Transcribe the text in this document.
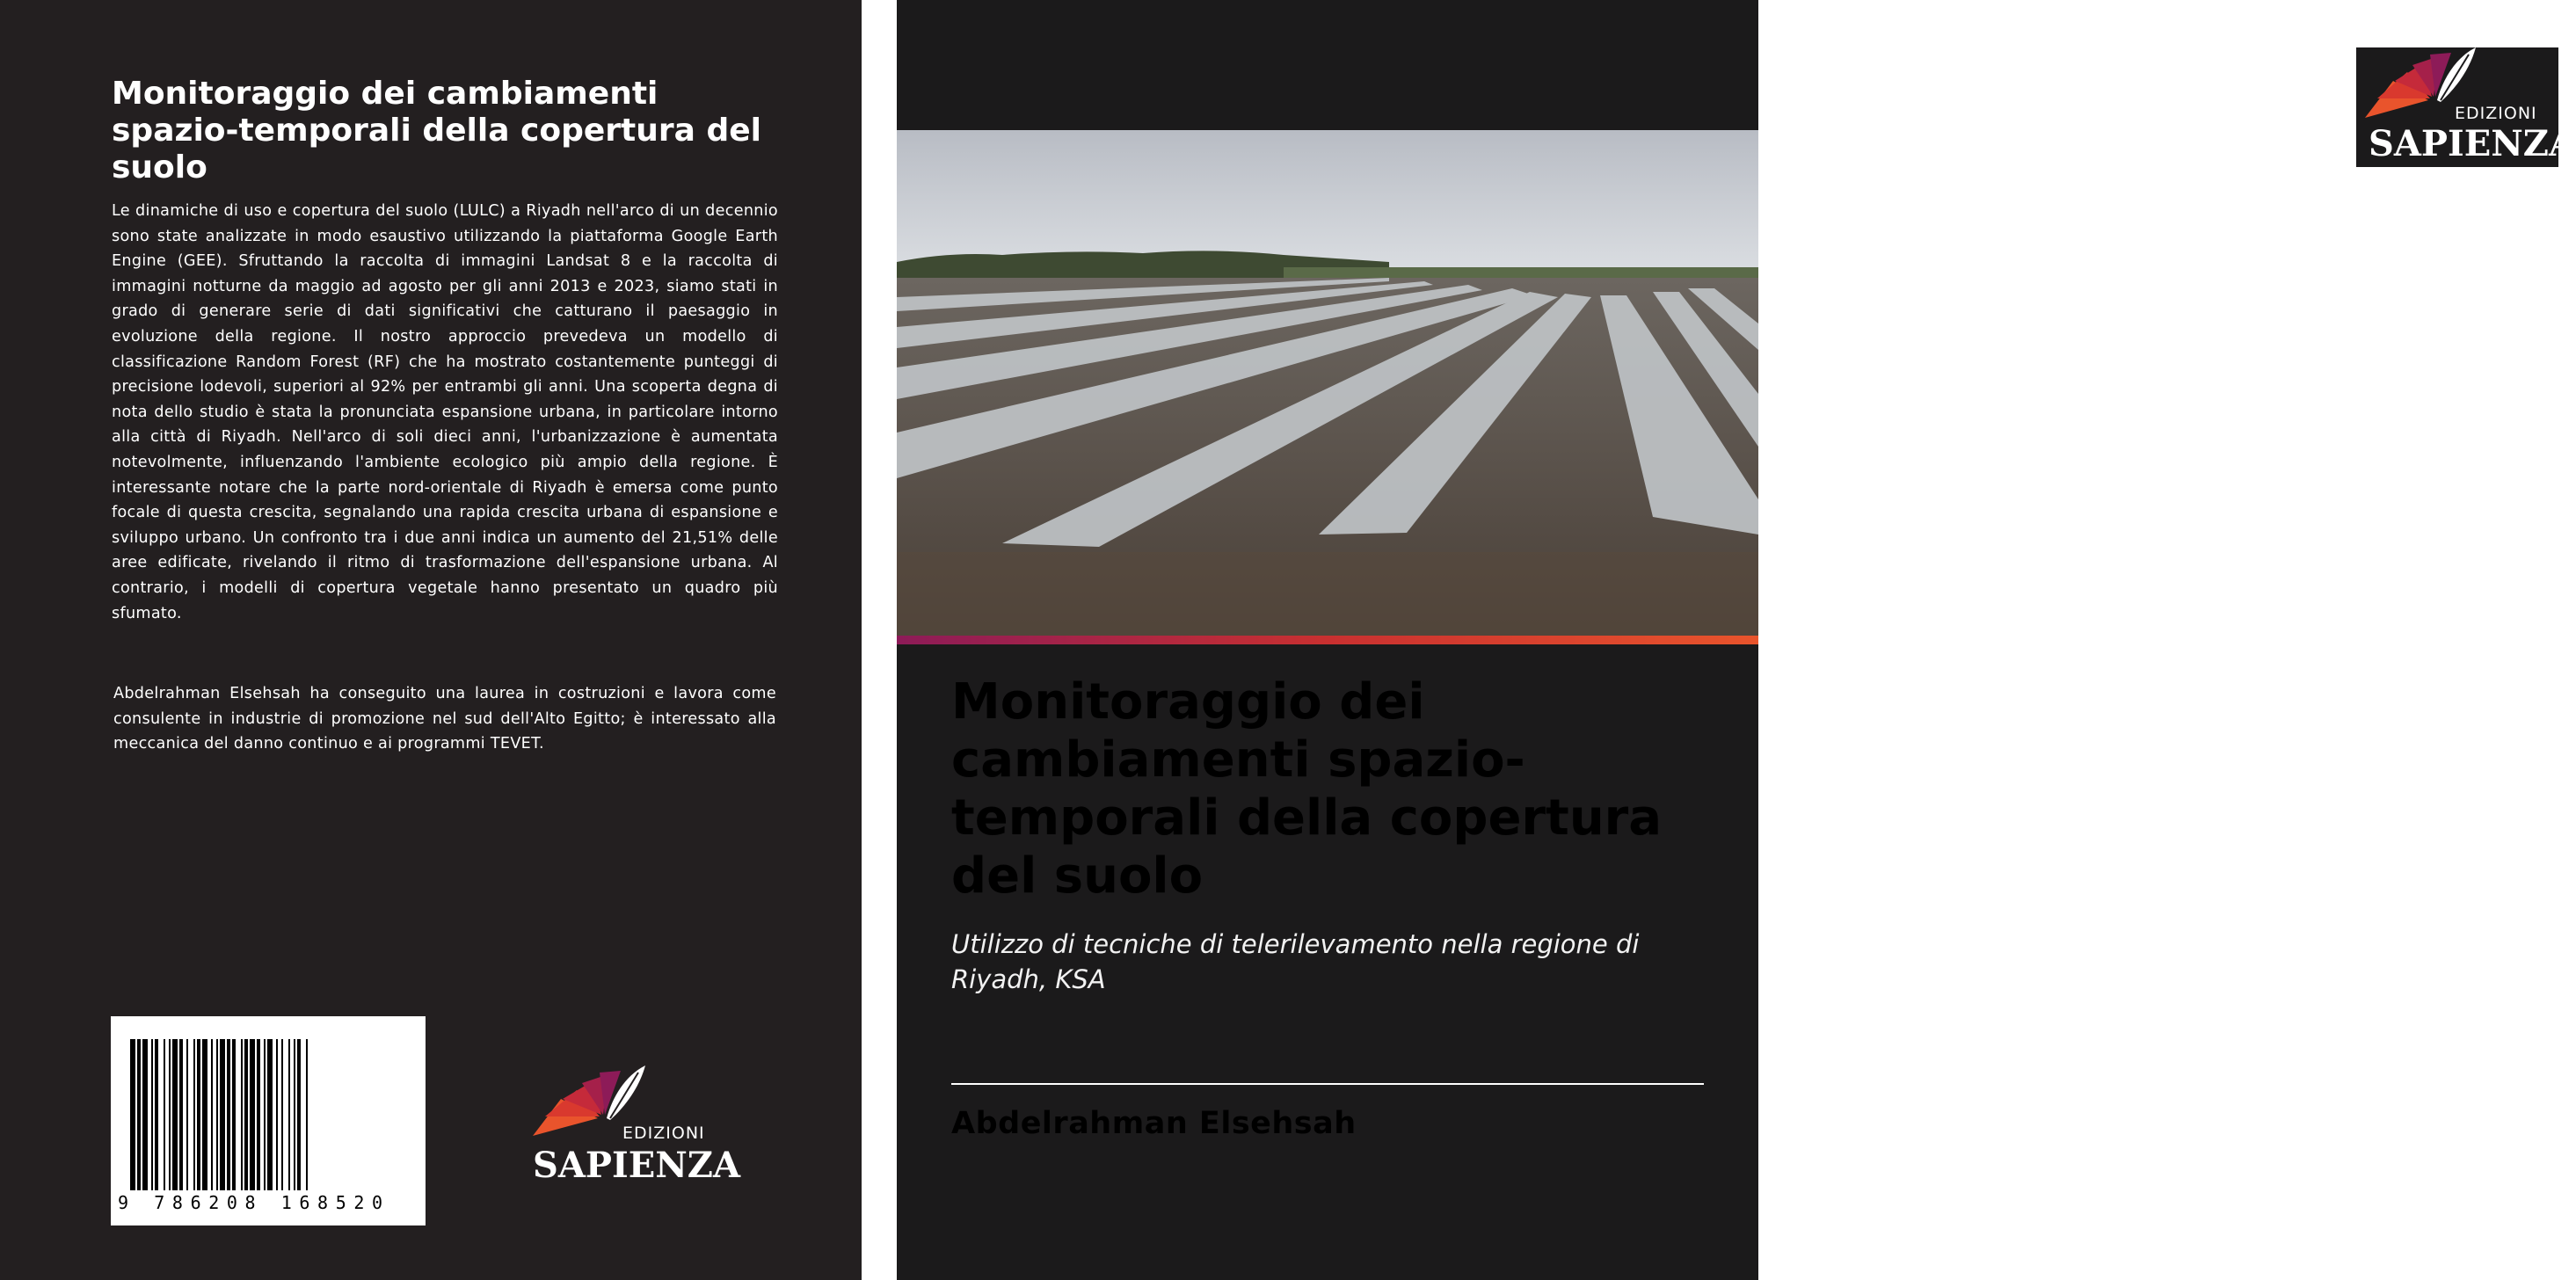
Monitoraggio dei cambiamenti spazio-temporali della copertura del suolo

Le dinamiche di uso e copertura del suolo (LULC) a Riyadh nell'arco di un decennio sono state analizzate in modo esaustivo utilizzando la piattaforma Google Earth Engine (GEE). Sfruttando la raccolta di immagini Landsat 8 e la raccolta di immagini notturne da maggio ad agosto per gli anni 2013 e 2023, siamo stati in grado di generare serie di dati significativi che catturano il paesaggio in evoluzione della regione. Il nostro approccio prevedeva un modello di classificazione Random Forest (RF) che ha mostrato costantemente punteggi di precisione lodevoli, superiori al 92% per entrambi gli anni. Una scoperta degna di nota dello studio è stata la pronunciata espansione urbana, in particolare intorno alla città di Riyadh. Nell'arco di soli dieci anni, l'urbanizzazione è aumentata notevolmente, influenzando l'ambiente ecologico più ampio della regione. È interessante notare che la parte nord-orientale di Riyadh è emersa come punto focale di questa crescita, segnalando una rapida crescita urbana di espansione e sviluppo urbano. Un confronto tra i due anni indica un aumento del 21,51% delle aree edificate, rivelando il ritmo di trasformazione dell'espansione urbana. Al contrario, i modelli di copertura vegetale hanno presentato un quadro più sfumato.

Abdelrahman Elsehsah ha conseguito una laurea in costruzioni e lavora come consulente in industrie di promozione nel sud dell'Alto Egitto; è interessato alla meccanica del danno continuo e ai programmi TEVET.

9 786208 168520
EDIZIONI
SAPIENZA
EDIZIONI
SAPIENZA
Monitoraggio dei cambiamenti spazio-temporali della copertura del suolo

Utilizzo di tecniche di telerilevamento nella regione di Riyadh, KSA

Abdelrahman Elsehsah
